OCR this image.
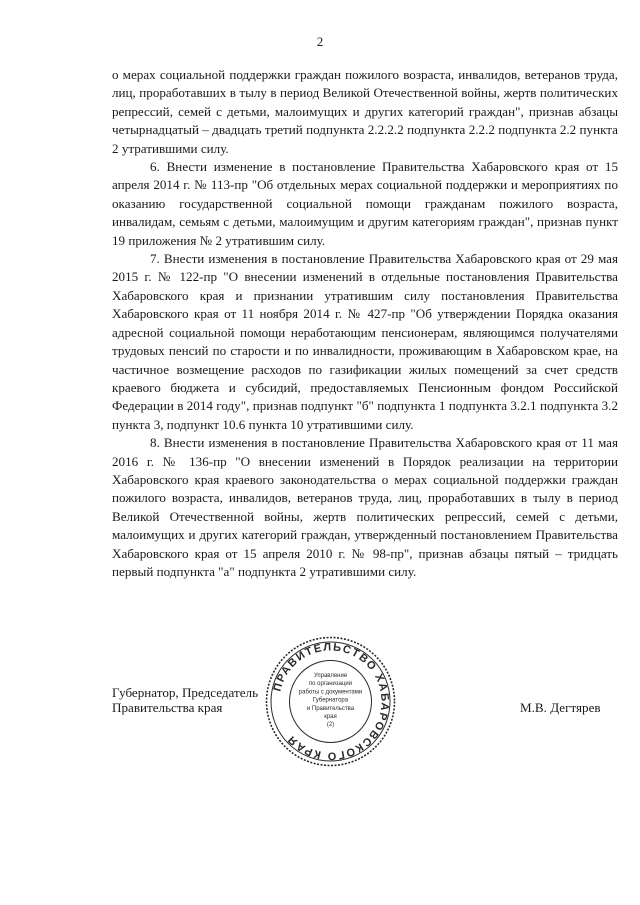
2

о мерах социальной поддержки граждан пожилого возраста, инвалидов, ветеранов труда, лиц, проработавших в тылу в период Великой Отечественной войны, жертв политических репрессий, семей с детьми, малоимущих и других категорий граждан", признав абзацы четырнадцатый – двадцать третий подпункта 2.2.2.2 подпункта 2.2.2 подпункта 2.2 пункта 2 утратившими силу.

6. Внести изменение в постановление Правительства Хабаровского края от 15 апреля 2014 г. № 113-пр "Об отдельных мерах социальной поддержки и мероприятиях по оказанию государственной социальной помощи гражданам пожилого возраста, инвалидам, семьям с детьми, малоимущим и другим категориям граждан", признав пункт 19 приложения № 2 утратившим силу.

7. Внести изменения в постановление Правительства Хабаровского края от 29 мая 2015 г. № 122-пр "О внесении изменений в отдельные постановления Правительства Хабаровского края и признании утратившим силу постановления Правительства Хабаровского края от 11 ноября 2014 г. № 427-пр "Об утверждении Порядка оказания адресной социальной помощи неработающим пенсионерам, являющимся получателями трудовых пенсий по старости и по инвалидности, проживающим в Хабаровском крае, на частичное возмещение расходов по газификации жилых помещений за счет средств краевого бюджета и субсидий, предоставляемых Пенсионным фондом Российской Федерации в 2014 году", признав подпункт "б" подпункта 1 подпункта 3.2.1 подпункта 3.2 пункта 3, подпункт 10.6 пункта 10 утратившими силу.

8. Внести изменения в постановление Правительства Хабаровского края от 11 мая 2016 г. № 136-пр "О внесении изменений в Порядок реализации на территории Хабаровского края краевого законодательства о мерах социальной поддержки граждан пожилого возраста, инвалидов, ветеранов труда, лиц, проработавших в тылу в период Великой Отечественной войны, жертв политических репрессий, семей с детьми, малоимущих и других категорий граждан, утвержденный постановлением Правительства Хабаровского края от 15 апреля 2010 г. № 98-пр", признав абзацы пятый – тридцать первый подпункта "а" подпункта 2 утратившими силу.

Губернатор, Председатель
Правительства края	М.В. Дегтярев
ПРАВИТЕЛЬСТВО ХАБАРОВСКОГО КРАЯ
Управление
по организации
работы с документами
Губернатора
и Правительства
края
(2)
